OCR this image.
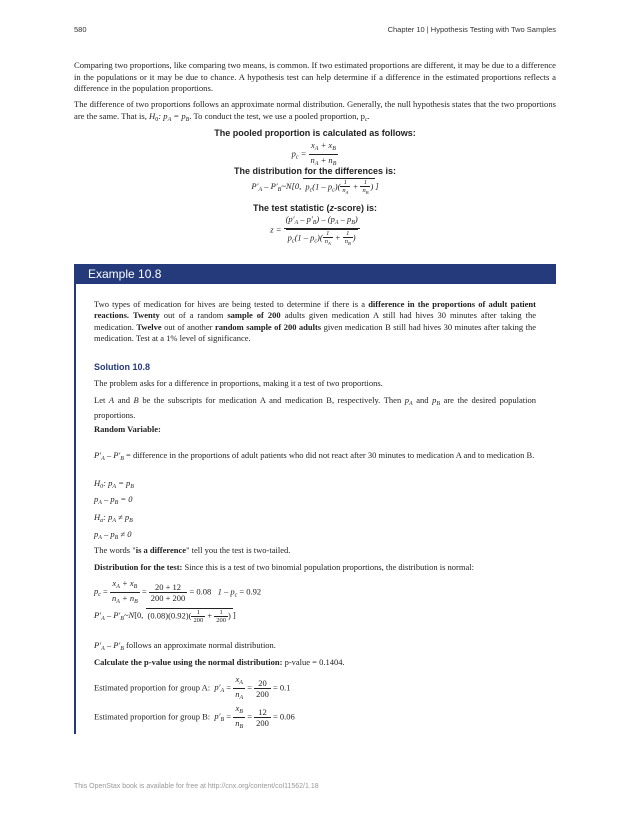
580	Chapter 10 | Hypothesis Testing with Two Samples
Comparing two proportions, like comparing two means, is common. If two estimated proportions are different, it may be due to a difference in the populations or it may be due to chance. A hypothesis test can help determine if a difference in the estimated proportions reflects a difference in the population proportions.
The difference of two proportions follows an approximate normal distribution. Generally, the null hypothesis states that the two proportions are the same. That is, $H_0$: $p_A = p_B$. To conduct the test, we use a pooled proportion, $p_c$.
The pooled proportion is calculated as follows:
$p_c = \frac{x_A + x_B}{n_A + n_B}$
The distribution for the differences is:
$P'_A$ – $P'_B\sim N[0$, $p_c(1 - p_c)( \frac{1}{n_A} + \frac{1}{n_B}$ ) ]
The test statistic (z-score) is:
$z = \frac{(p'_A - p'_B) - (p_A - p_B)}{p_c(1 - p_c)( \frac{1}{n_A} + \frac{1}{n_B} )}$
Example 10.8
Two types of medication for hives are being tested to determine if there is a difference in the proportions of adult patient reactions. Twenty out of a random sample of 200 adults given medication A still had hives 30 minutes after taking the medication. Twelve out of another random sample of 200 adults given medication B still had hives 30 minutes after taking the medication. Test at a 1% level of significance.
Solution 10.8
The problem asks for a difference in proportions, making it a test of two proportions.
Let A and B be the subscripts for medication A and medication B, respectively. Then $p_A$ and $p_B$ are the desired population proportions.
Random Variable:
$P'_A - P'_B$ = difference in the proportions of adult patients who did not react after 30 minutes to medication A and to medication B.
$H_0$: $p_A = p_B$
$p_A - p_B = 0$
$H_a$: $p_A \ne p_B$
$p_A - p_B \ne 0$
The words "is a difference" tell you the test is two-tailed.
Distribution for the test: Since this is a test of two binomial population proportions, the distribution is normal:
$p_c = \frac{x_A + x_B}{n_A + n_B} = \frac{20 + 12}{200 + 200} = 0.08$ $1 - p_c = 0.92$
$P'_A$ – $P'_B\sim N[0$, $(0.08)(0.92)( \frac{1}{200} + \frac{1}{200}$ ) ]
$P'_A - P'_B$ follows an approximate normal distribution.
Calculate the p-value using the normal distribution: p-value = 0.1404.
Estimated proportion for group A: $p'_A = \frac{x_A}{n_A} = \frac{20}{200} = 0.1$
Estimated proportion for group B: $p'_B = \frac{x_B}{n_B} = \frac{12}{200} = 0.06$
This OpenStax book is available for free at http://cnx.org/content/col11562/1.18
